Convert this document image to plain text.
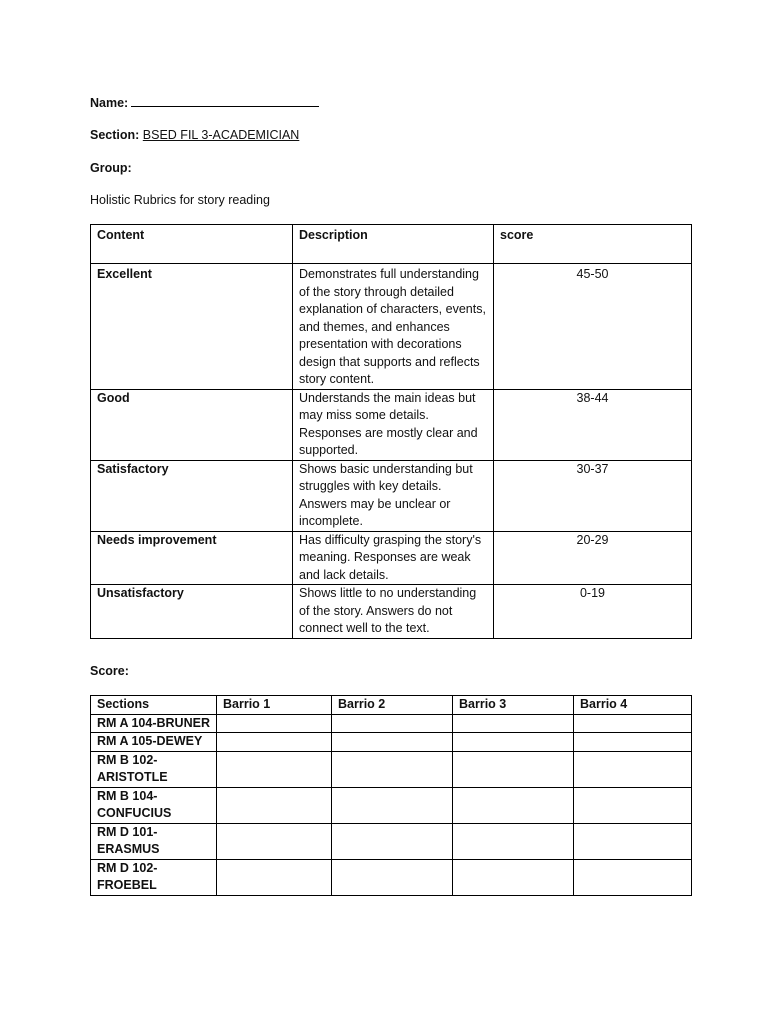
Name:
Section: BSED FIL 3-ACADEMICIAN
Group:
Holistic Rubrics for story reading
Content	Description	score
Excellent	Demonstrates full understanding of the story through detailed explanation of characters, events, and themes, and enhances presentation with decorations design that supports and reflects story content.	45-50
Good	Understands the main ideas but may miss some details. Responses are mostly clear and supported.	38-44
Satisfactory	Shows basic understanding but struggles with key details. Answers may be unclear or incomplete.	30-37
Needs improvement	Has difficulty grasping the story's meaning. Responses are weak and lack details.	20-29
Unsatisfactory	Shows little to no understanding of the story. Answers do not connect well to the text.	0-19
Score:
Sections	Barrio 1	Barrio 2	Barrio 3	Barrio 4
RM A 104-BRUNER				
RM A 105-DEWEY				
RM B 102-ARISTOTLE				
RM B 104-CONFUCIUS				
RM D 101-ERASMUS				
RM D 102-FROEBEL				
